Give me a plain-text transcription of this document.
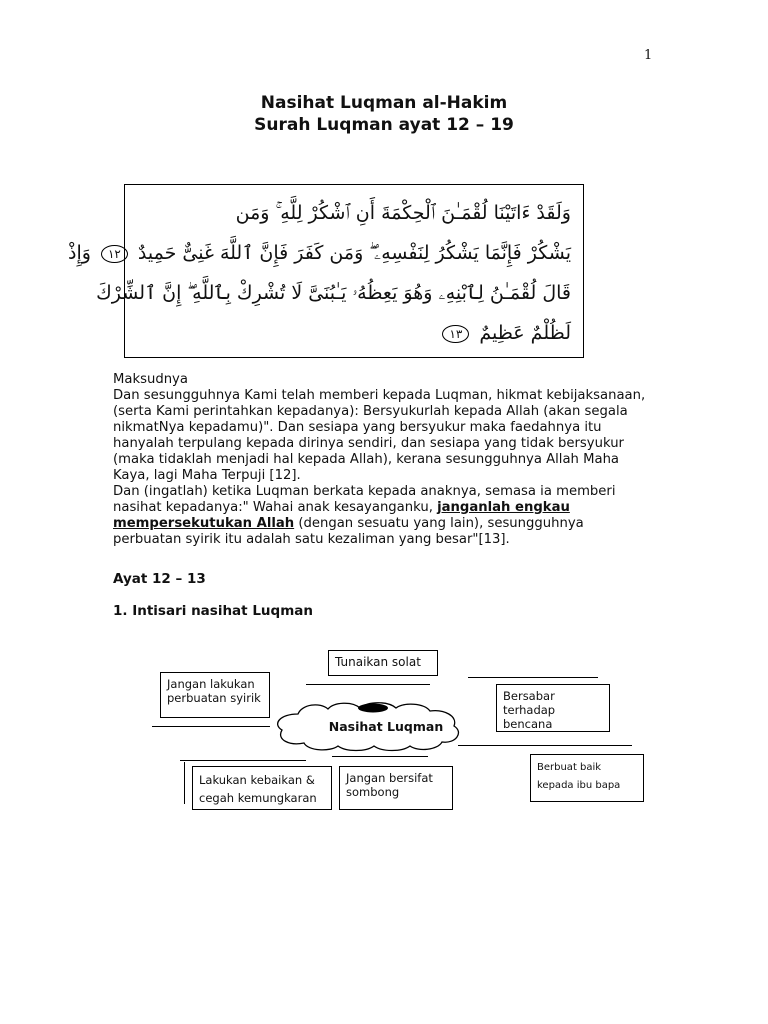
1
Nasihat Luqman al-Hakim
Surah Luqman ayat 12 – 19
وَلَقَدْ ءَاتَيْنَا لُقْمَـٰنَ ٱلْحِكْمَةَ أَنِ ٱشْكُرْ لِلَّهِ ۚ وَمَن
يَشْكُرْ فَإِنَّمَا يَشْكُرُ لِنَفْسِهِۦ ۖ وَمَن كَفَرَ فَإِنَّ ٱللَّهَ غَنِىٌّ حَمِيدٌ ١٢ وَإِذْ
قَالَ لُقْمَـٰنُ لِٱبْنِهِۦ وَهُوَ يَعِظُهُۥ يَـٰبُنَىَّ لَا تُشْرِكْ بِٱللَّهِ ۖ إِنَّ ٱلشِّرْكَ
لَظُلْمٌ عَظِيمٌ ١٣

Maksudnya

Dan sesungguhnya Kami telah memberi kepada Luqman, hikmat kebijaksanaan, (serta Kami perintahkan kepadanya): Bersyukurlah kepada Allah (akan segala nikmatNya kepadamu)". Dan sesiapa yang bersyukur maka faedahnya itu hanyalah terpulang kepada dirinya sendiri, dan sesiapa yang tidak bersyukur (maka tidaklah menjadi hal kepada Allah), kerana sesungguhnya Allah Maha Kaya, lagi Maha Terpuji [12].

Dan (ingatlah) ketika Luqman berkata kepada anaknya, semasa ia memberi nasihat kepadanya:" Wahai anak kesayanganku, janganlah engkau mempersekutukan Allah (dengan sesuatu yang lain), sesungguhnya perbuatan syirik itu adalah satu kezaliman yang besar"[13].

Ayat 12 – 13
1. Intisari nasihat Luqman
Nasihat Luqman
Tunaikan solat
Jangan lakukan perbuatan syirik	Bersabar terhadap bencana
Lakukan kebaikan & cegah kemungkaran
Jangan bersifat sombong
Berbuat baik kepada ibu bapa
